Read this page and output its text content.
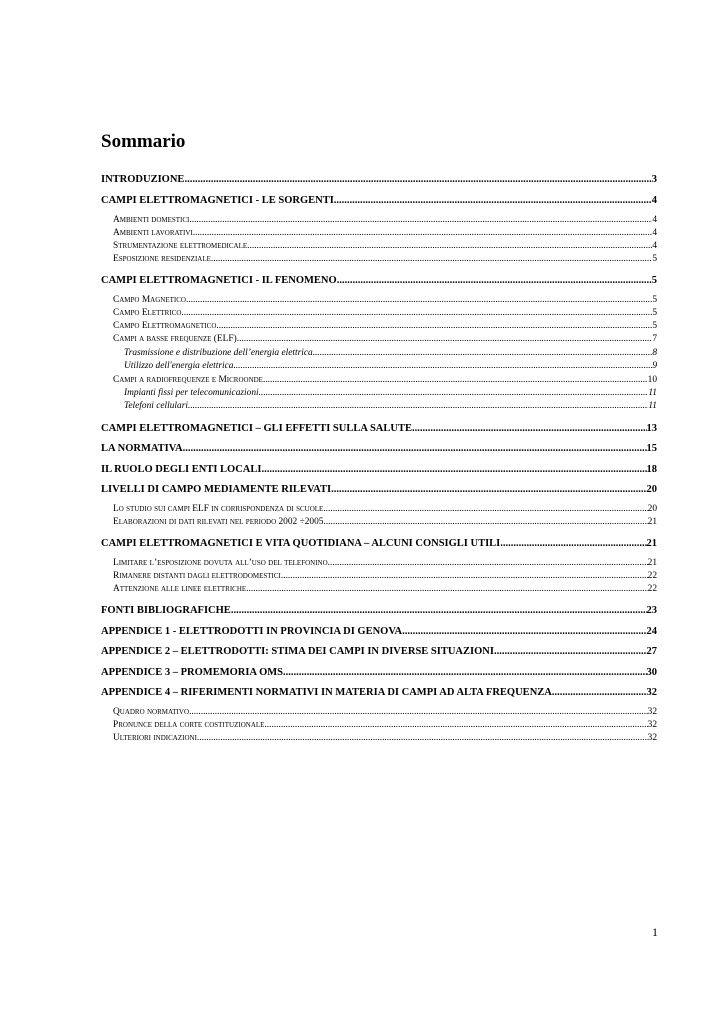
Sommario
INTRODUZIONE .....	3
CAMPI ELETTROMAGNETICI - LE SORGENTI .....	4
Ambienti domestici .....	4
Ambienti lavorativi .....	4
Strumentazione elettromedicale .....	4
Esposizione residenziale .....	5
CAMPI ELETTROMAGNETICI - IL FENOMENO .....	5
Campo Magnetico .....	5
Campo Elettrico .....	5
Campo Elettromagnetico .....	5
Campi a basse frequenze (ELF) .....	7
Trasmissione e distribuzione dell’energia elettrica .....	8
Utilizzo dell'energia elettrica .....	9
Campi a radiofrequenze e Microonde .....	10
Impianti fissi per telecomunicazioni .....	11
Telefoni cellulari .....	11
CAMPI ELETTROMAGNETICI – GLI EFFETTI SULLA SALUTE .....	13
LA NORMATIVA .....	15
IL RUOLO DEGLI ENTI LOCALI .....	18
LIVELLI DI CAMPO MEDIAMENTE RILEVATI .....	20
Lo studio sui campi ELF in corrispondenza di scuole .....	20
Elaborazioni di dati rilevati nel periodo 2002 ÷2005 .....	21
CAMPI ELETTROMAGNETICI E VITA QUOTIDIANA – ALCUNI CONSIGLI UTILI .....	21
Limitare l’esposizione dovuta all’uso del telefonino .....	21
Rimanere distanti dagli elettrodomestici .....	22
Attenzione alle linee elettriche .....	22
FONTI BIBLIOGRAFICHE .....	23
APPENDICE 1 - ELETTRODOTTI IN PROVINCIA DI GENOVA .....	24
APPENDICE 2 – ELETTRODOTTI: STIMA DEI CAMPI IN DIVERSE SITUAZIONI .....	27
APPENDICE 3 – PROMEMORIA OMS .....	30
APPENDICE 4 – RIFERIMENTI NORMATIVI IN MATERIA DI CAMPI AD ALTA FREQUENZA .....	32
Quadro normativo .....	32
Pronunce della corte costituzionale .....	32
Ulteriori indicazioni .....	32
1
